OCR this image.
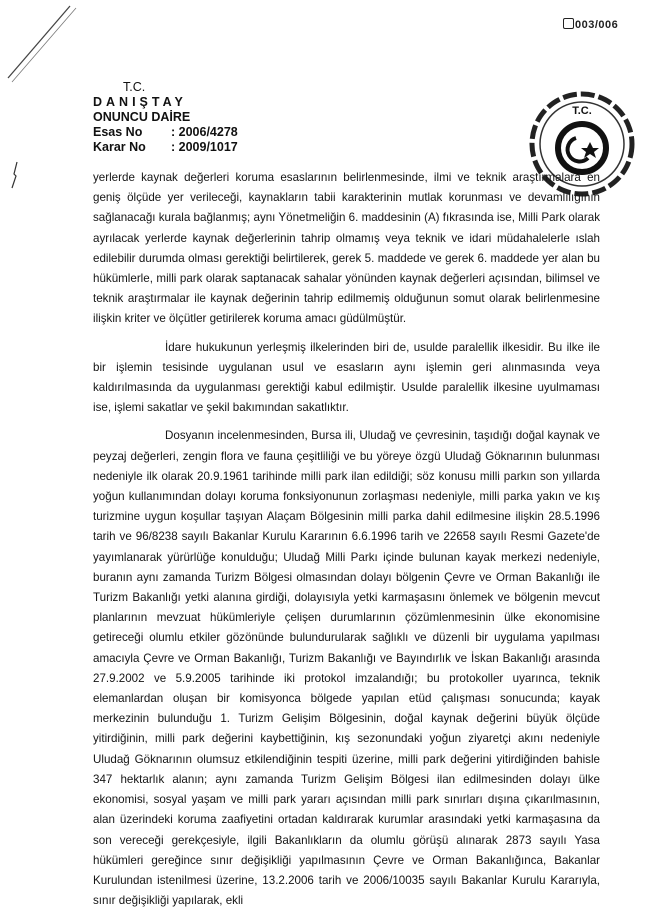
003/006
T.C.
DANIŞTAY
ONUNCU DAİRE
Esas No	: 2006/4278
Karar No	: 2009/1017
T.C.

yerlerde kaynak değerleri koruma esaslarının belirlenmesinde, ilmi ve teknik araştırmalara en geniş ölçüde yer verileceği, kaynakların tabii karakterinin mutlak korunması ve devamlılığının sağlanacağı kurala bağlanmış; aynı Yönetmeliğin 6. maddesinin (A) fıkrasında ise, Milli Park olarak ayrılacak yerlerde kaynak değerlerinin tahrip olmamış veya teknik ve idari müdahalelerle ıslah edilebilir durumda olması gerektiği belirtilerek, gerek 5. maddede ve gerek 6. maddede yer alan bu hükümlerle, milli park olarak saptanacak sahalar yönünden kaynak değerleri açısından, bilimsel ve teknik araştırmalar ile kaynak değerinin tahrip edilmemiş olduğunun somut olarak belirlenmesine ilişkin kriter ve ölçütler getirilerek koruma amacı güdülmüştür.

İdare hukukunun yerleşmiş ilkelerinden biri de, usulde paralellik ilkesidir. Bu ilke ile bir işlemin tesisinde uygulanan usul ve esasların aynı işlemin geri alınmasında veya kaldırılmasında da uygulanması gerektiği kabul edilmiştir. Usulde paralellik ilkesine uyulmaması ise, işlemi sakatlar ve şekil bakımından sakatlıktır.

Dosyanın incelenmesinden, Bursa ili, Uludağ ve çevresinin, taşıdığı doğal kaynak ve peyzaj değerleri, zengin flora ve fauna çeşitliliği ve bu yöreye özgü Uludağ Göknarının bulunması nedeniyle ilk olarak 20.9.1961 tarihinde milli park ilan edildiği; söz konusu milli parkın son yıllarda yoğun kullanımından dolayı koruma fonksiyonunun zorlaşması nedeniyle, milli parka yakın ve kış turizmine uygun koşullar taşıyan Alaçam Bölgesinin milli parka dahil edilmesine ilişkin 28.5.1996 tarih ve 96/8238 sayılı Bakanlar Kurulu Kararının 6.6.1996 tarih ve 22658 sayılı Resmi Gazete'de yayımlanarak yürürlüğe konulduğu; Uludağ Milli Parkı içinde bulunan kayak merkezi nedeniyle, buranın aynı zamanda Turizm Bölgesi olmasından dolayı bölgenin Çevre ve Orman Bakanlığı ile Turizm Bakanlığı yetki alanına girdiği, dolayısıyla yetki karmaşasını önlemek ve bölgenin mevcut planlarının mevzuat hükümleriyle çelişen durumlarının çözümlenmesinin ülke ekonomisine getireceği olumlu etkiler gözönünde bulundurularak sağlıklı ve düzenli bir uygulama yapılması amacıyla Çevre ve Orman Bakanlığı, Turizm Bakanlığı ve Bayındırlık ve İskan Bakanlığı arasında 27.9.2002 ve 5.9.2005 tarihinde iki protokol imzalandığı; bu protokoller uyarınca, teknik elemanlardan oluşan bir komisyonca bölgede yapılan etüd çalışması sonucunda; kayak merkezinin bulunduğu 1. Turizm Gelişim Bölgesinin, doğal kaynak değerini büyük ölçüde yitirdiğinin, milli park değerini kaybettiğinin, kış sezonundaki yoğun ziyaretçi akını nedeniyle Uludağ Göknarının olumsuz etkilendiğinin tespiti üzerine, milli park değerini yitirdiğinden bahisle 347 hektarlık alanın; aynı zamanda Turizm Gelişim Bölgesi ilan edilmesinden dolayı ülke ekonomisi, sosyal yaşam ve milli park yararı açısından milli park sınırları dışına çıkarılmasının, alan üzerindeki koruma zaafiyetini ortadan kaldırarak kurumlar arasındaki yetki karmaşasına da son vereceği gerekçesiyle, ilgili Bakanlıkların da olumlu görüşü alınarak 2873 sayılı Yasa hükümleri gereğince sınır değişikliği yapılmasının Çevre ve Orman Bakanlığınca, Bakanlar Kurulundan istenilmesi üzerine, 13.2.2006 tarih ve 2006/10035 sayılı Bakanlar Kurulu Kararıyla, sınır değişikliği yapılarak, ekli
